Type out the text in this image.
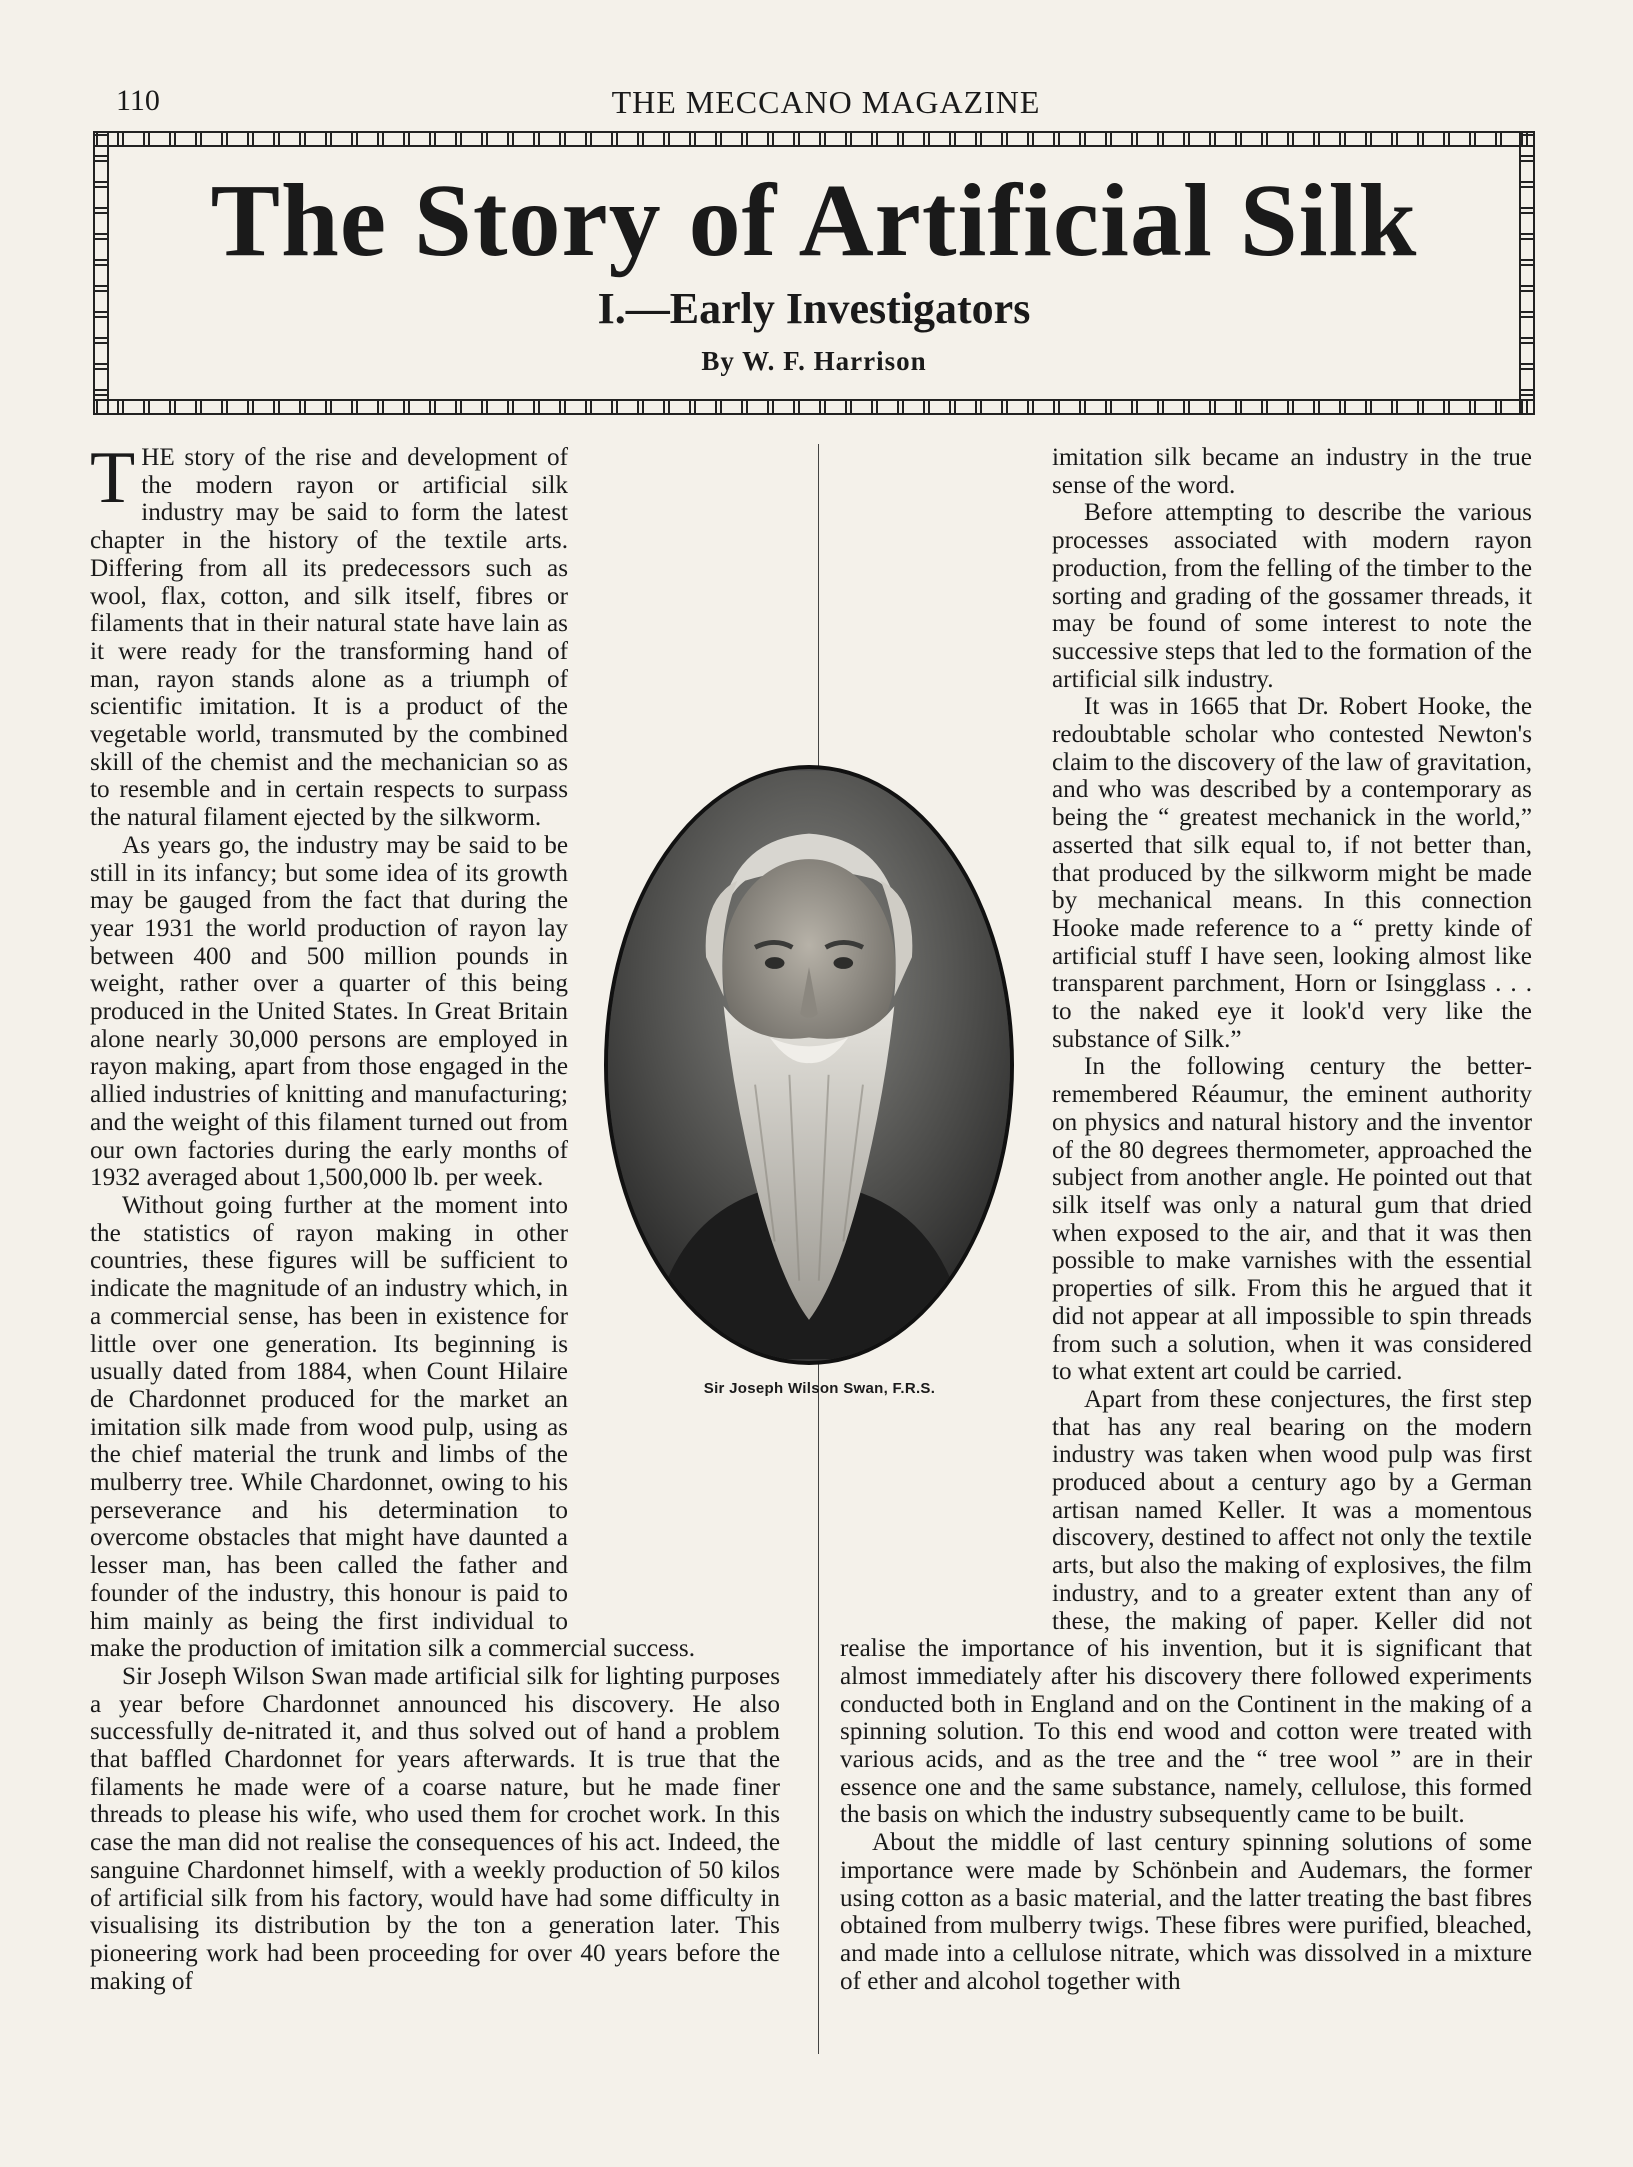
110	THE MECCANO MAGAZINE
The Story of Artificial Silk
I.—Early Investigators
By W. F. Harrison

THE story of the rise and development of the modern rayon or artificial silk industry may be said to form the latest chapter in the history of the textile arts. Differing from all its predecessors such as wool, flax, cotton, and silk itself, fibres or filaments that in their natural state have lain as it were ready for the transforming hand of man, rayon stands alone as a triumph of scientific imitation. It is a product of the vegetable world, transmuted by the combined skill of the chemist and the mechanician so as to resemble and in certain respects to surpass the natural filament ejected by the silkworm.

As years go, the industry may be said to be still in its infancy; but some idea of its growth may be gauged from the fact that during the year 1931 the world production of rayon lay between 400 and 500 million pounds in weight, rather over a quarter of this being produced in the United States. In Great Britain alone nearly 30,000 persons are employed in rayon making, apart from those engaged in the allied industries of knitting and manufacturing; and the weight of this filament turned out from our own factories during the early months of 1932 averaged about 1,500,000 lb. per week.

Without going further at the moment into the statistics of rayon making in other countries, these figures will be sufficient to indicate the magnitude of an industry which, in a commercial sense, has been in existence for little over one generation. Its beginning is usually dated from 1884, when Count Hilaire de Chardonnet produced for the market an imitation silk made from wood pulp, using as the chief material the trunk and limbs of the mulberry tree. While Chardonnet, owing to his perseverance and his determination to overcome obstacles that might have daunted a lesser man, has been called the father and founder of the industry, this honour is paid to him mainly as being the first individual to make the production of imitation silk a commercial success.

Sir Joseph Wilson Swan made artificial silk for lighting purposes a year before Chardonnet announced his discovery. He also successfully de-nitrated it, and thus solved out of hand a problem that baffled Chardonnet for years afterwards. It is true that the filaments he made were of a coarse nature, but he made finer threads to please his wife, who used them for crochet work. In this case the man did not realise the consequences of his act. Indeed, the sanguine Chardonnet himself, with a weekly production of 50 kilos of artificial silk from his factory, would have had some difficulty in visualising its distribution by the ton a generation later. This pioneering work had been proceeding for over 40 years before the making of

imitation silk became an industry in the true sense of the word.

Before attempting to describe the various processes associated with modern rayon production, from the felling of the timber to the sorting and grading of the gossamer threads, it may be found of some interest to note the successive steps that led to the formation of the artificial silk industry.

It was in 1665 that Dr. Robert Hooke, the redoubtable scholar who contested Newton's claim to the discovery of the law of gravitation, and who was described by a contemporary as being the “ greatest mechanick in the world,” asserted that silk equal to, if not better than, that produced by the silkworm might be made by mechanical means. In this connection Hooke made reference to a “ pretty kinde of artificial stuff I have seen, looking almost like transparent parchment, Horn or Isingglass . . . to the naked eye it look'd very like the substance of Silk.”

In the following century the better-remembered Réaumur, the eminent authority on physics and natural history and the inventor of the 80 degrees thermometer, approached the subject from another angle. He pointed out that silk itself was only a natural gum that dried when exposed to the air, and that it was then possible to make varnishes with the essential properties of silk. From this he argued that it did not appear at all impossible to spin threads from such a solution, when it was considered to what extent art could be carried.

Apart from these conjectures, the first step that has any real bearing on the modern industry was taken when wood pulp was first produced about a century ago by a German artisan named Keller. It was a momentous discovery, destined to affect not only the textile arts, but also the making of explosives, the film industry, and to a greater extent than any of these, the making of paper. Keller did not realise the importance of his invention, but it is significant that almost immediately after his discovery there followed experiments conducted both in England and on the Continent in the making of a spinning solution. To this end wood and cotton were treated with various acids, and as the tree and the “ tree wool ” are in their essence one and the same substance, namely, cellulose, this formed the basis on which the industry subsequently came to be built.

About the middle of last century spinning solutions of some importance were made by Schönbein and Audemars, the former using cotton as a basic material, and the latter treating the bast fibres obtained from mulberry twigs. These fibres were purified, bleached, and made into a cellulose nitrate, which was dissolved in a mixture of ether and alcohol together with

Sir Joseph Wilson Swan, F.R.S.
